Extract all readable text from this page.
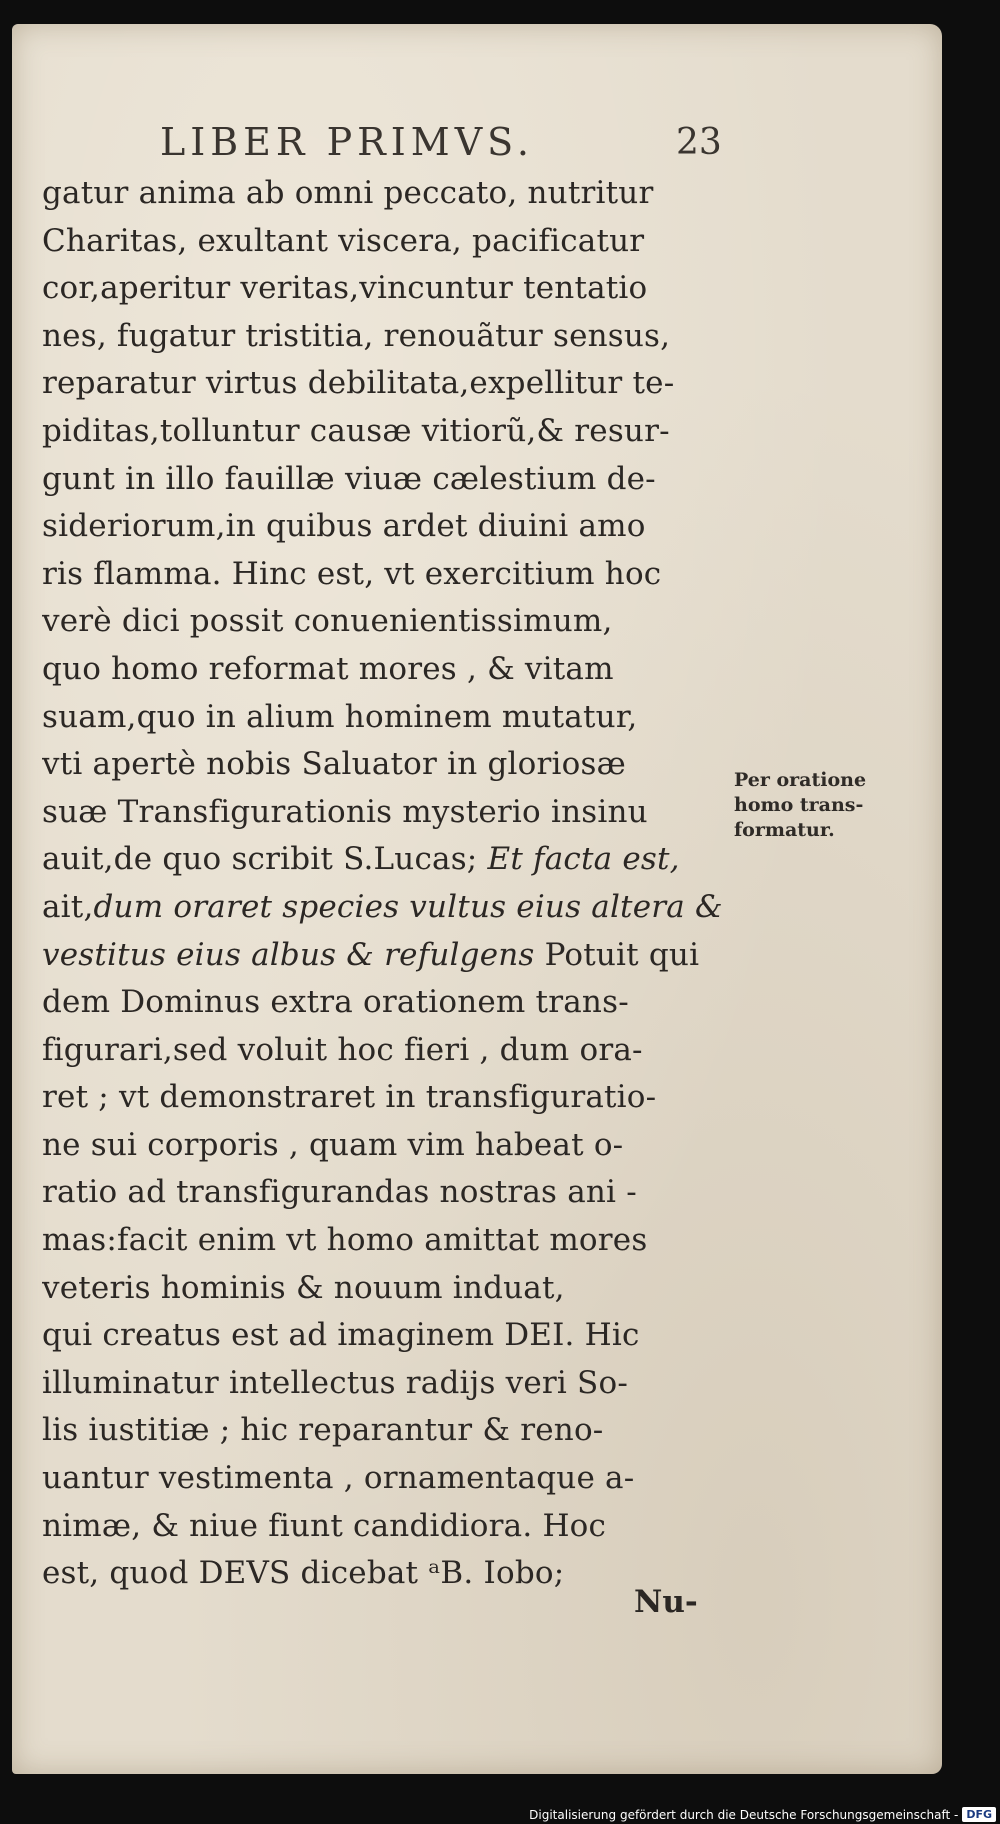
LIBER PRIMVS.	23
gatur anima ab omni peccato, nutritur
Charitas, exultant viscera, pacificatur
cor,aperitur veritas,vincuntur tentatio
nes, fugatur tristitia, renouãtur sensus,
reparatur virtus debilitata,expellitur te-
piditas,tolluntur causæ vitiorũ,& resur-
gunt in illo fauillæ viuæ cælestium de-
sideriorum,in quibus ardet diuini amo
ris flamma. Hinc est, vt exercitium hoc
verè dici possit conuenientissimum,
quo homo reformat mores , & vitam
suam,quo in alium hominem mutatur,
vti apertè nobis Saluator in gloriosæ
suæ Transfigurationis mysterio insinu
auit,de quo scribit S.Lucas; Et facta est,
ait,dum oraret species vultus eius altera &
vestitus eius albus & refulgens Potuit qui
dem Dominus extra orationem trans-
figurari,sed voluit hoc fieri , dum ora-
ret ; vt demonstraret in transfiguratio-
ne sui corporis , quam vim habeat o-
ratio ad transfigurandas nostras ani -
mas:facit enim vt homo amittat mores
veteris hominis & nouum induat,
qui creatus est ad imaginem DEI. Hic
illuminatur intellectus radijs veri So-
lis iustitiæ ; hic reparantur & reno-
uantur vestimenta , ornamentaque a-
nimæ, & niue fiunt candidiora. Hoc
est, quod DEVS dicebat ᵃB. Iobo;
Nu-
Per oratione
homo trans-
formatur.
Digitalisierung gefördert durch die Deutsche Forschungsgemeinschaft - DFG
